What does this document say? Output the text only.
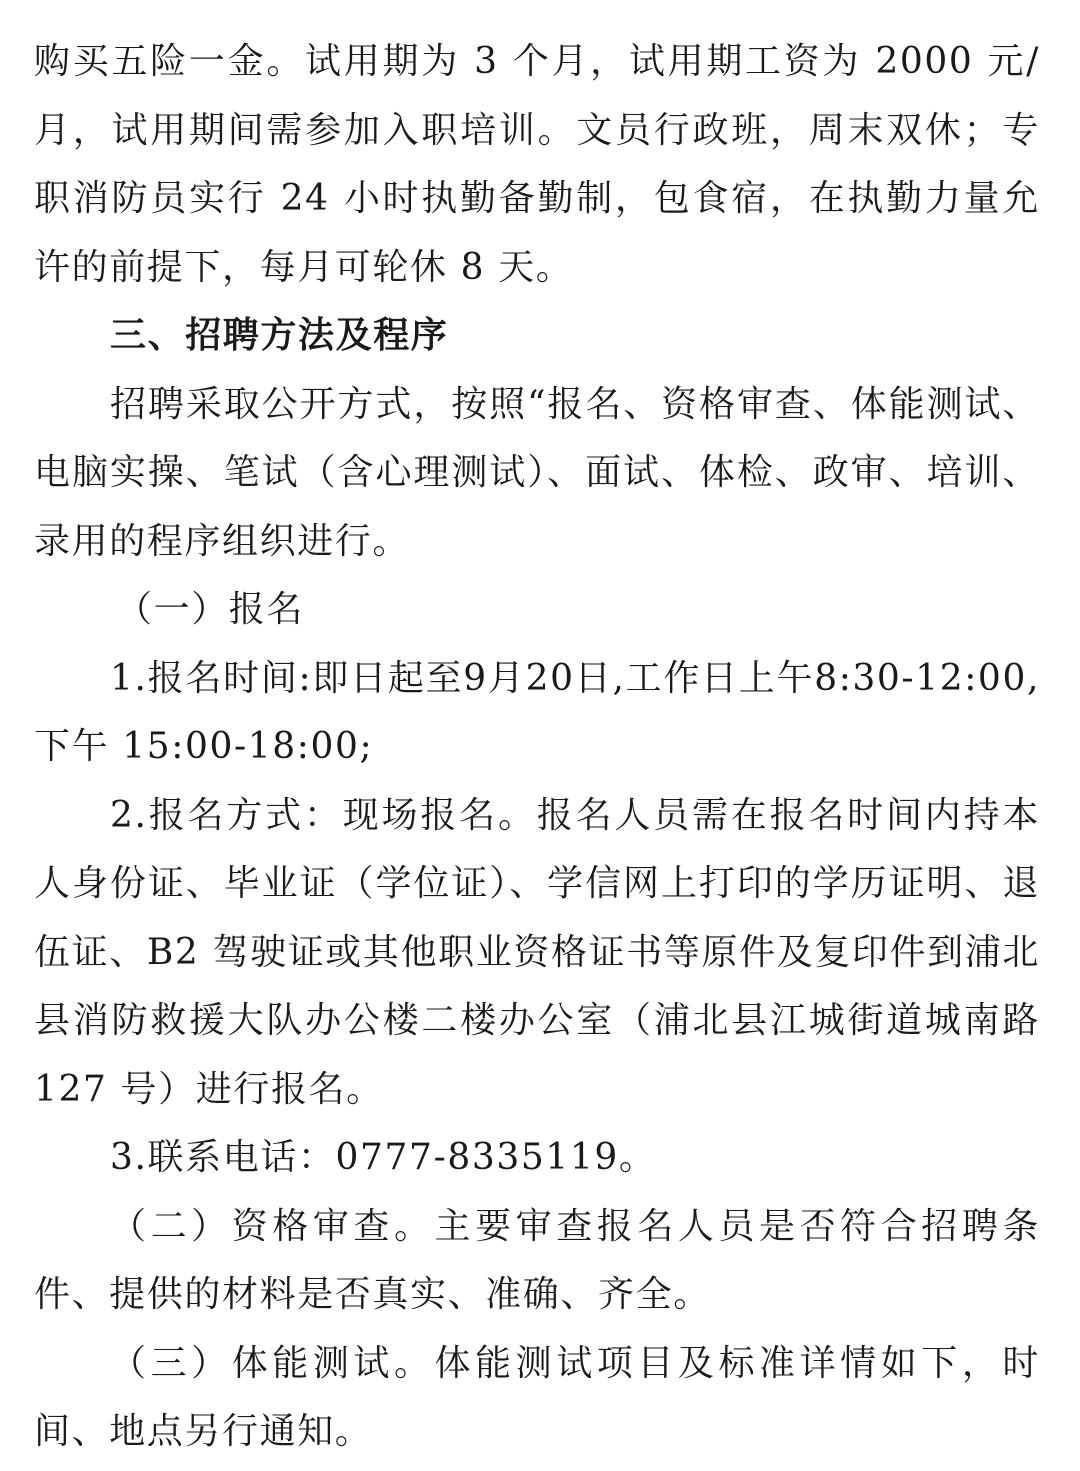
购买五险一金。试用期为 3 个月，试用期工资为 2000 元/月，试用期间需参加入职培训。文员行政班，周末双休；专职消防员实行 24 小时执勤备勤制，包食宿，在执勤力量允许的前提下，每月可轮休 8 天。

三、招聘方法及程序

招聘采取公开方式，按照“报名、资格审查、体能测试、电脑实操、笔试（含心理测试）、面试、体检、政审、培训、录用的程序组织进行。

（一）报名

1.报名时间:即日起至9月20日,工作日上午8:30-12:00,下午 15:00-18:00;

2.报名方式：现场报名。报名人员需在报名时间内持本人身份证、毕业证（学位证）、学信网上打印的学历证明、退伍证、B2 驾驶证或其他职业资格证书等原件及复印件到浦北县消防救援大队办公楼二楼办公室（浦北县江城街道城南路 127 号）进行报名。

3.联系电话：0777-8335119。

（二）资格审查。主要审查报名人员是否符合招聘条件、提供的材料是否真实、准确、齐全。

（三）体能测试。体能测试项目及标准详情如下，时间、地点另行通知。
